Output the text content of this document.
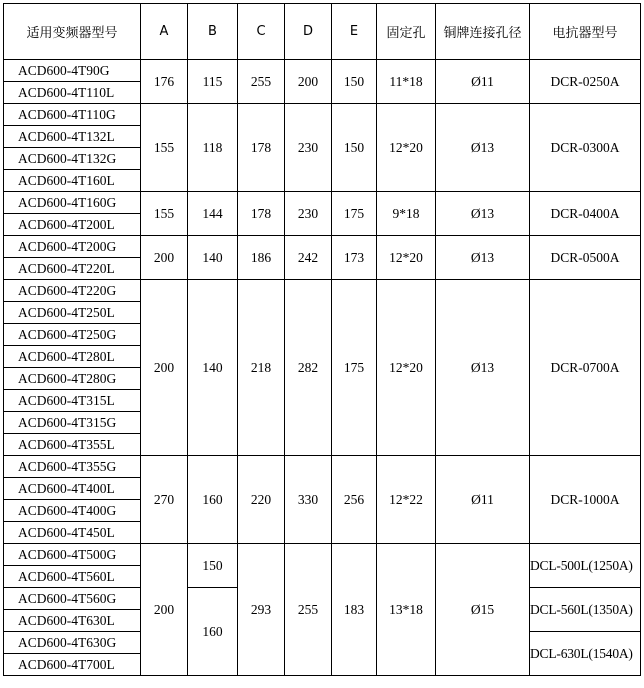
适用变频器型号	A	B	C	D	E	固定孔	铜牌连接孔径	电抗器型号
ACD600-4T90G	176	115	255	200	150	11*18	Ø11	DCR-0250A
ACD600-4T110L								
ACD600-4T110G	155	118	178	230	150	12*20	Ø13	DCR-0300A
ACD600-4T132L								
ACD600-4T132G								
ACD600-4T160L								
ACD600-4T160G	155	144	178	230	175	9*18	Ø13	DCR-0400A
ACD600-4T200L								
ACD600-4T200G	200	140	186	242	173	12*20	Ø13	DCR-0500A
ACD600-4T220L								
ACD600-4T220G	200	140	218	282	175	12*20	Ø13	DCR-0700A
ACD600-4T250L								
ACD600-4T250G								
ACD600-4T280L								
ACD600-4T280G								
ACD600-4T315L								
ACD600-4T315G								
ACD600-4T355L								
ACD600-4T355G	270	160	220	330	256	12*22	Ø11	DCR-1000A
ACD600-4T400L								
ACD600-4T400G								
ACD600-4T450L								
ACD600-4T500G	200	150	293	255	183	13*18	Ø15	DCL-500L(1250A)
ACD600-4T560L								
ACD600-4T560G		160						DCL-560L(1350A)
ACD600-4T630L								
ACD600-4T630G								DCL-630L(1540A)
ACD600-4T700L								
